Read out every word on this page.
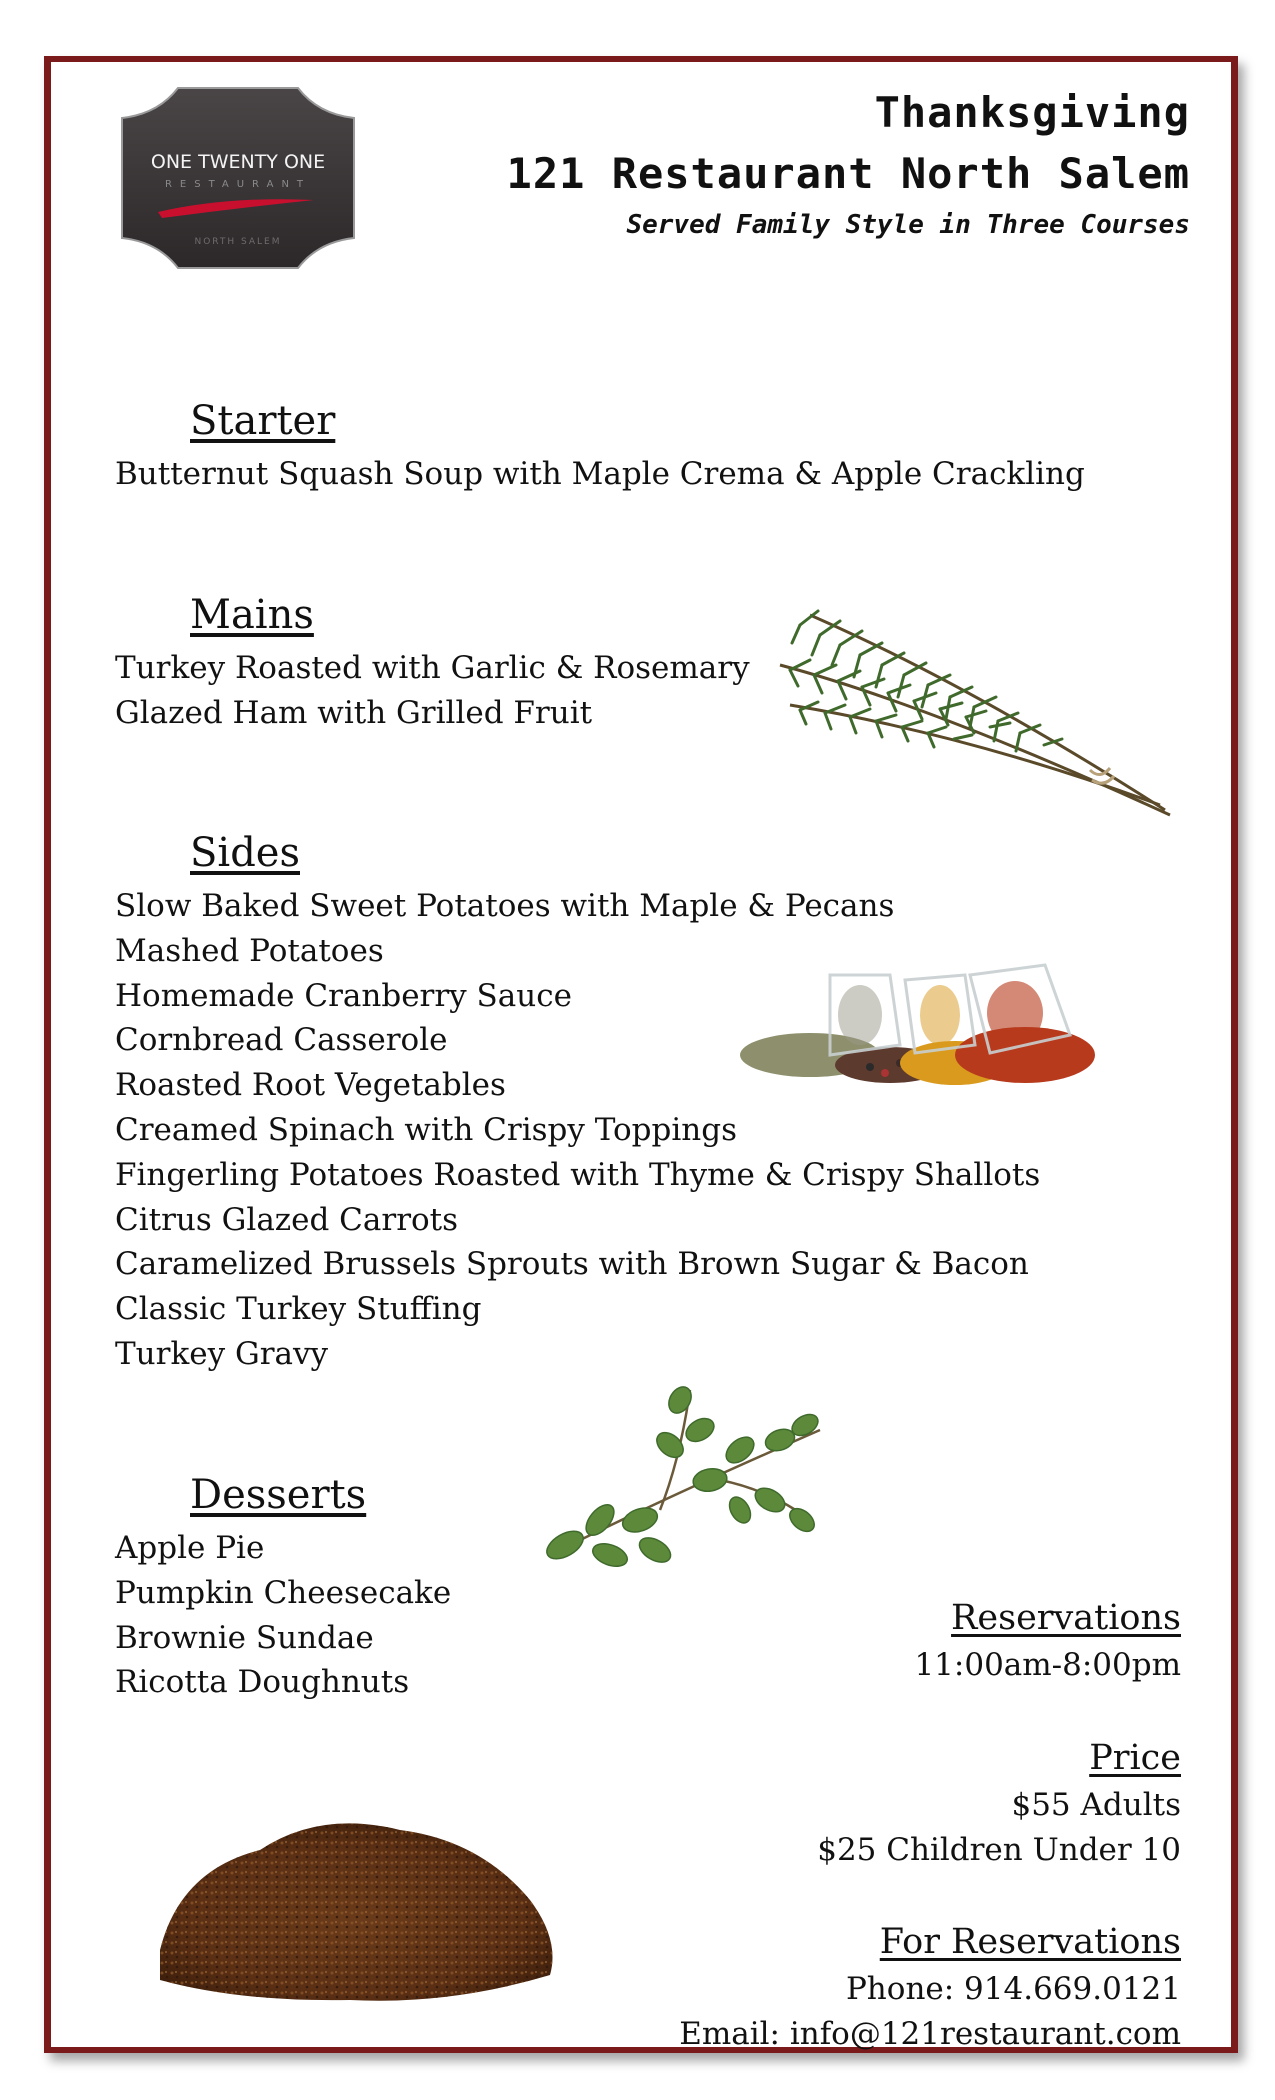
ONE TWENTY ONE
RESTAURANT
NORTH SALEM
Thanksgiving
121 Restaurant North Salem
Served Family Style in Three Courses
Starter
Butternut Squash Soup with Maple Crema & Apple Crackling
Mains
Turkey Roasted with Garlic & Rosemary
Glazed Ham with Grilled Fruit
Sides
Slow Baked Sweet Potatoes with Maple & Pecans
Mashed Potatoes
Homemade Cranberry Sauce
Cornbread Casserole
Roasted Root Vegetables
Creamed Spinach with Crispy Toppings
Fingerling Potatoes Roasted with Thyme & Crispy Shallots
Citrus Glazed Carrots
Caramelized Brussels Sprouts with Brown Sugar & Bacon
Classic Turkey Stuffing
Turkey Gravy
Desserts
Apple Pie
Pumpkin Cheesecake
Brownie Sundae
Ricotta Doughnuts
Reservations
11:00am-8:00pm
Price
$55 Adults
$25 Children Under 10
For Reservations
Phone: 914.669.0121
Email: info@121restaurant.com
